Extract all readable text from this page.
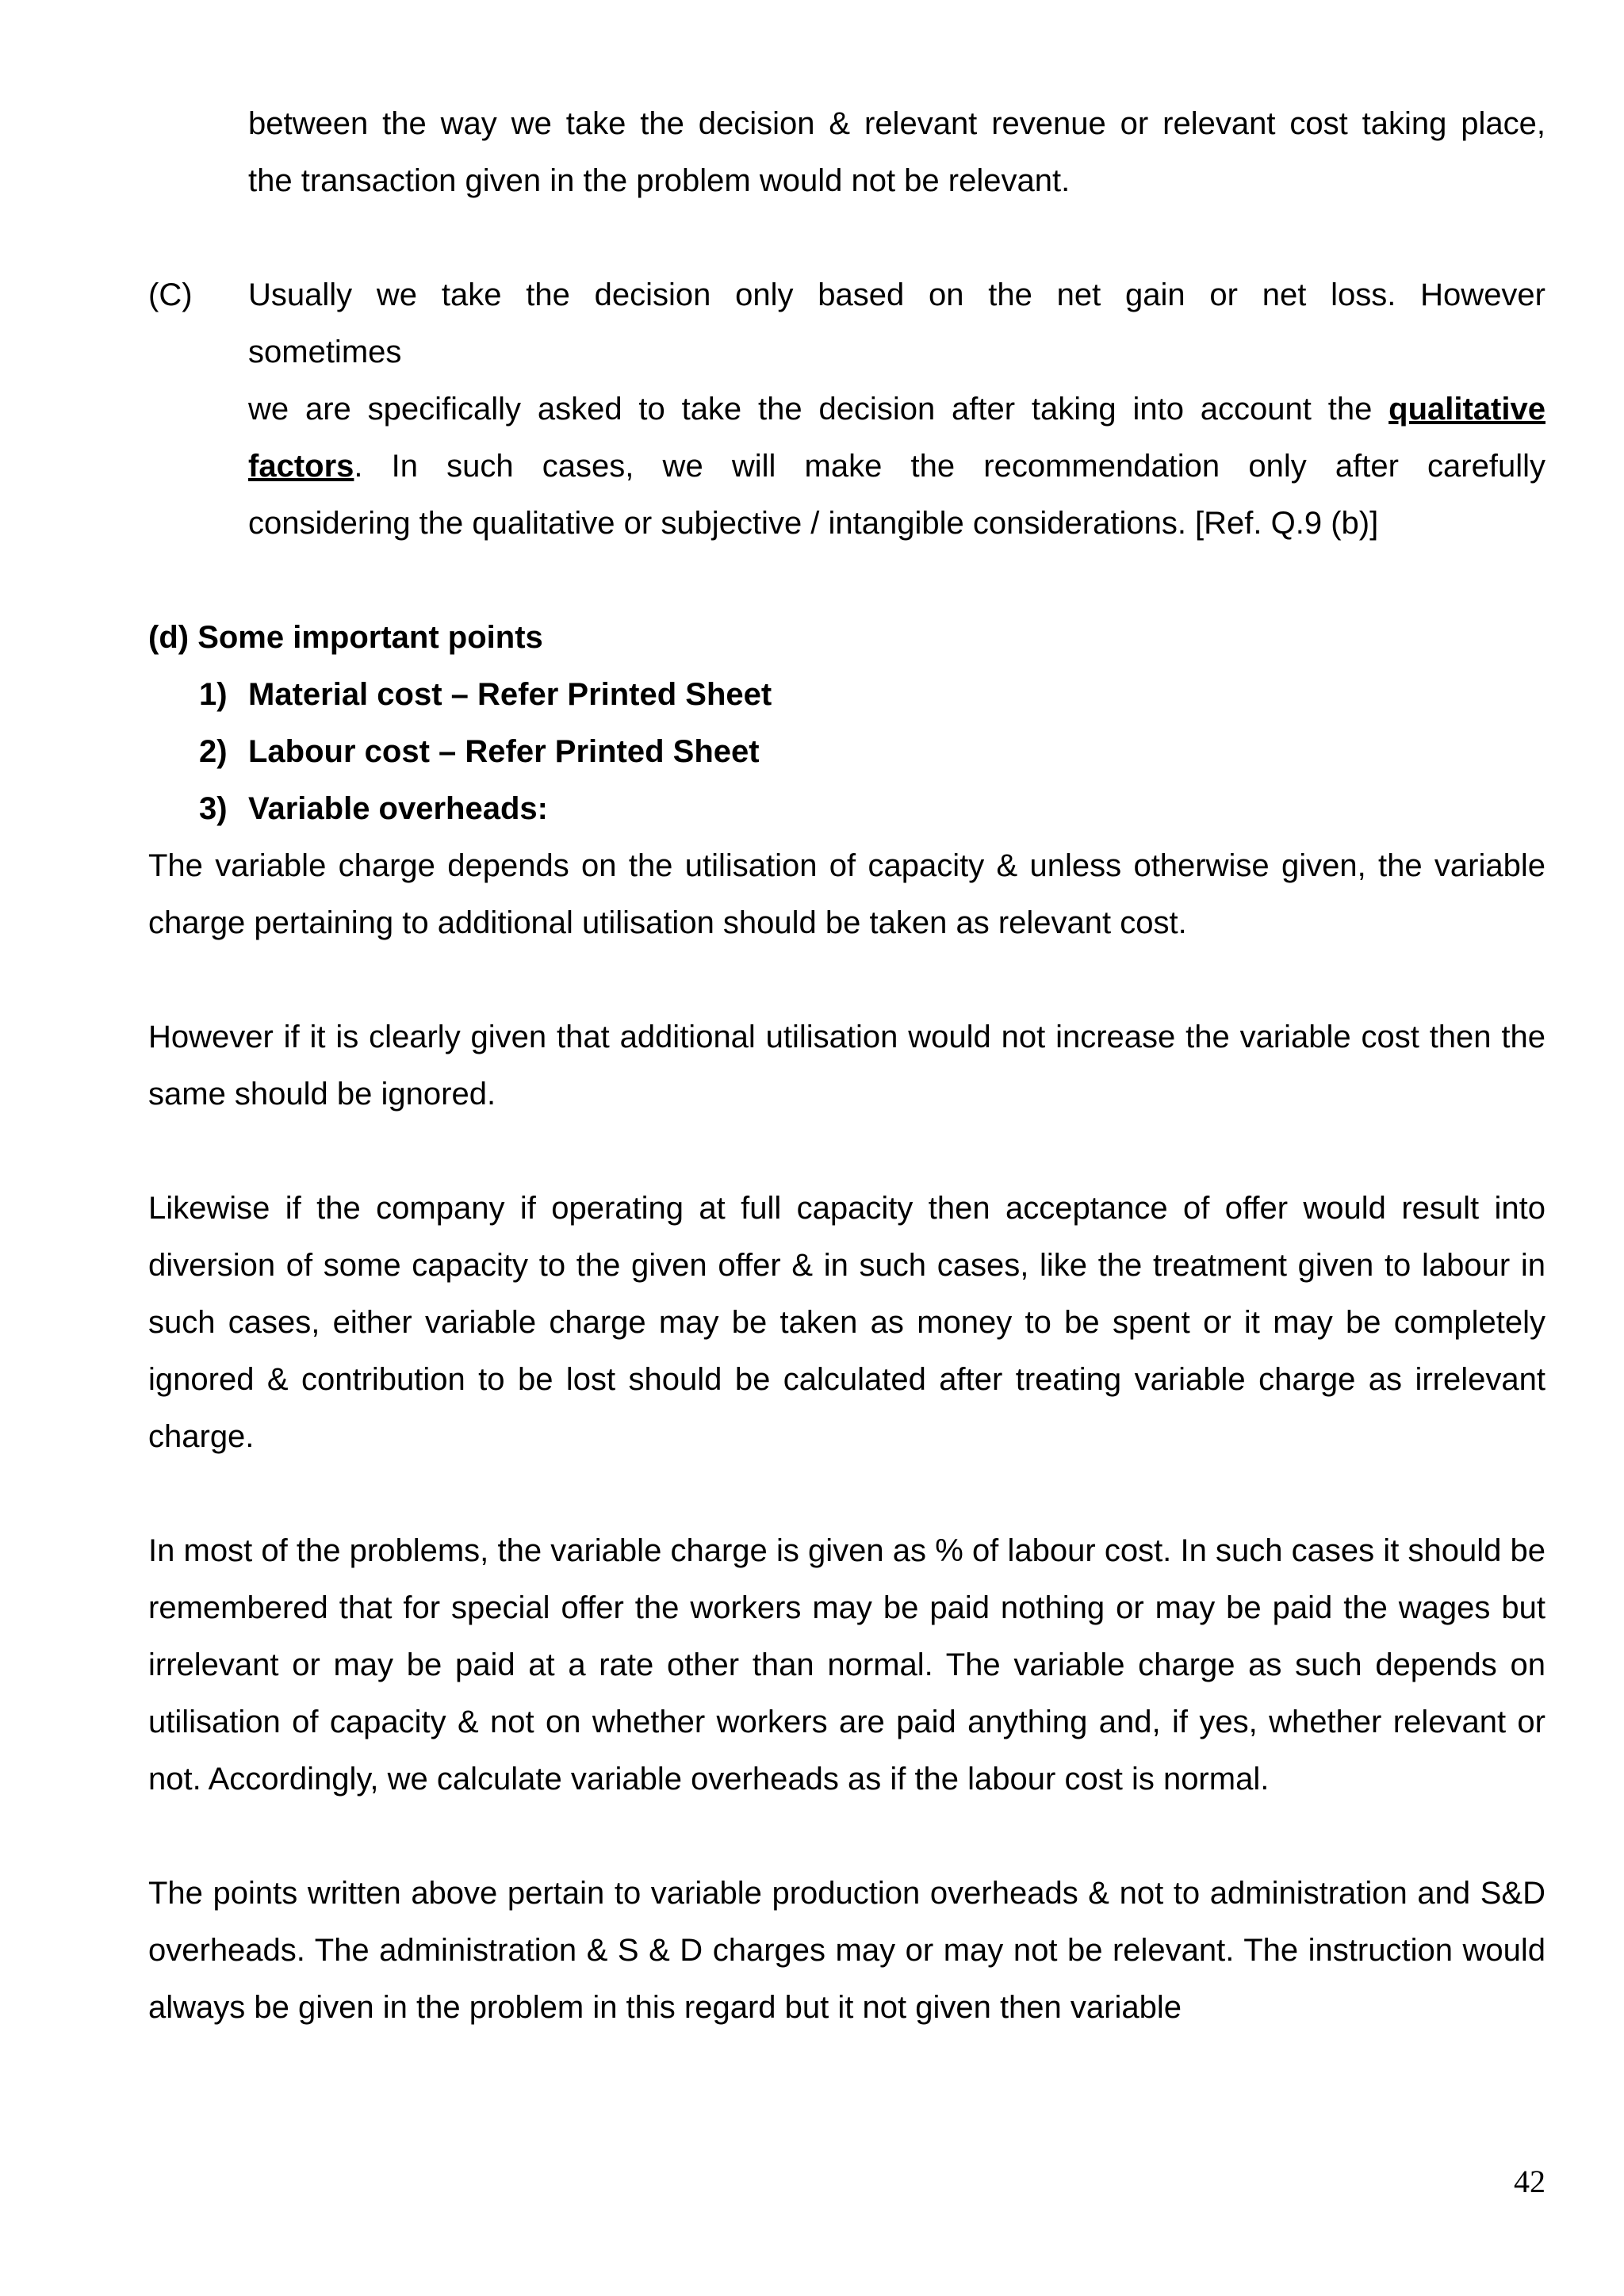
between the way we take the decision & relevant revenue or relevant cost taking place,
the transaction given in the problem would not be relevant.
(C) Usually we take the decision only based on the net gain or net loss. However
sometimes
we are specifically asked to take the decision after taking into account the qualitative
factors. In such cases, we will make the recommendation only after carefully
considering the qualitative or subjective / intangible considerations. [Ref. Q.9 (b)]
(d) Some important points
1) Material cost – Refer Printed Sheet
2) Labour cost – Refer Printed Sheet
3) Variable overheads:

The variable charge depends on the utilisation of capacity & unless otherwise given, the variable charge pertaining to additional utilisation should be taken as relevant cost.

However if it is clearly given that additional utilisation would not increase the variable cost then the same should be ignored.

Likewise if the company if operating at full capacity then acceptance of offer would result into diversion of some capacity to the given offer & in such cases, like the treatment given to labour in such cases, either variable charge may be taken as money to be spent or it may be completely ignored & contribution to be lost should be calculated after treating variable charge as irrelevant charge.

In most of the problems, the variable charge is given as % of labour cost. In such cases it should be remembered that for special offer the workers may be paid nothing or may be paid the wages but irrelevant or may be paid at a rate other than normal. The variable charge as such depends on utilisation of capacity & not on whether workers are paid anything and, if yes, whether relevant or not. Accordingly, we calculate variable overheads as if the labour cost is normal.

The points written above pertain to variable production overheads & not to administration and S&D overheads. The administration & S & D charges may or may not be relevant. The instruction would always be given in the problem in this regard but it not given then variable

42
